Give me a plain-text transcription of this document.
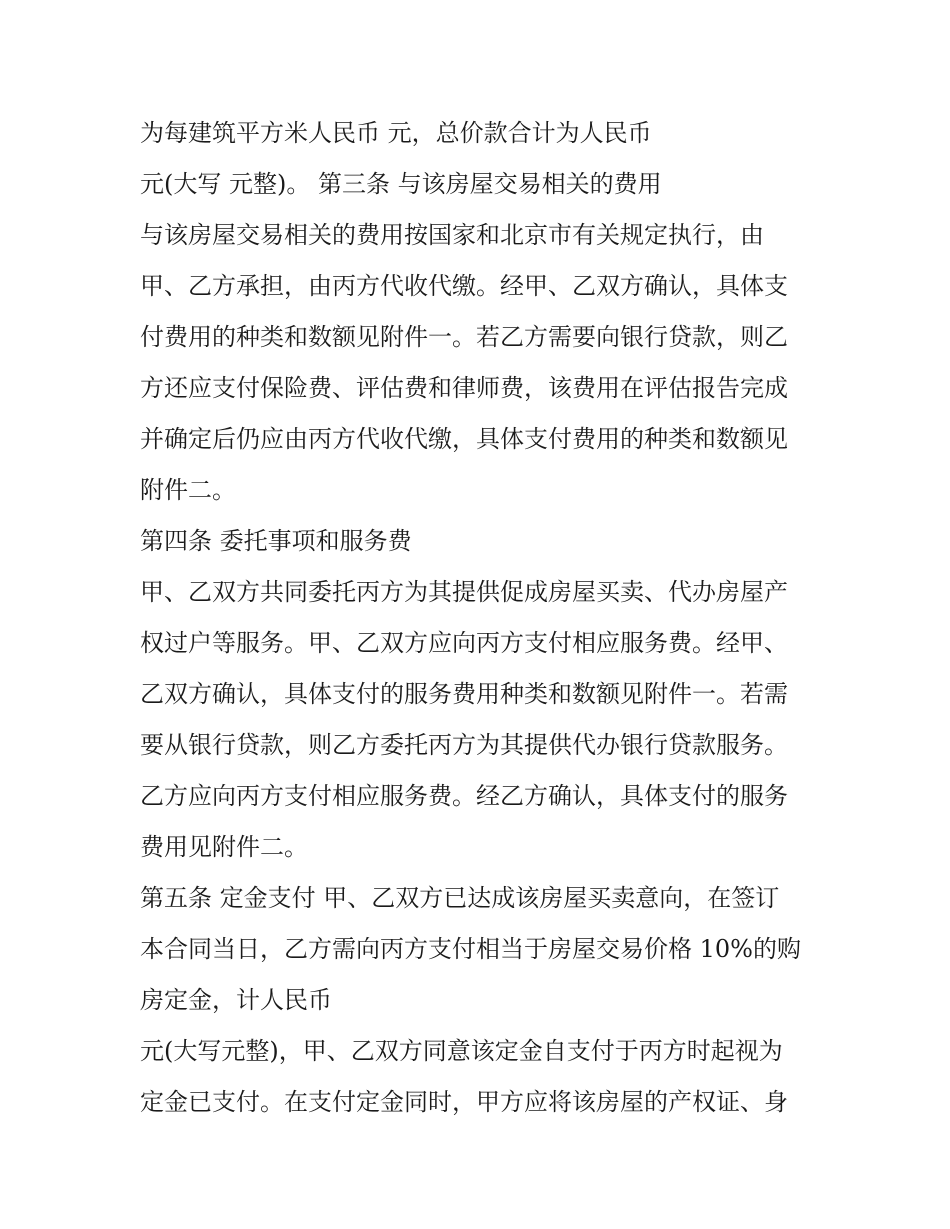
为每建筑平方米人民币 元，总价款合计为人民币
元(大写 元整)。 第三条 与该房屋交易相关的费用
与该房屋交易相关的费用按国家和北京市有关规定执行，由
甲、乙方承担，由丙方代收代缴。经甲、乙双方确认，具体支
付费用的种类和数额见附件一。若乙方需要向银行贷款，则乙
方还应支付保险费、评估费和律师费，该费用在评估报告完成
并确定后仍应由丙方代收代缴，具体支付费用的种类和数额见
附件二。
第四条 委托事项和服务费
甲、乙双方共同委托丙方为其提供促成房屋买卖、代办房屋产
权过户等服务。甲、乙双方应向丙方支付相应服务费。经甲、
乙双方确认，具体支付的服务费用种类和数额见附件一。若需
要从银行贷款，则乙方委托丙方为其提供代办银行贷款服务。
乙方应向丙方支付相应服务费。经乙方确认，具体支付的服务
费用见附件二。
第五条 定金支付 甲、乙双方已达成该房屋买卖意向，在签订
本合同当日，乙方需向丙方支付相当于房屋交易价格 10%的购
房定金，计人民币
元(大写元整)，甲、乙双方同意该定金自支付于丙方时起视为
定金已支付。在支付定金同时，甲方应将该房屋的产权证、身
